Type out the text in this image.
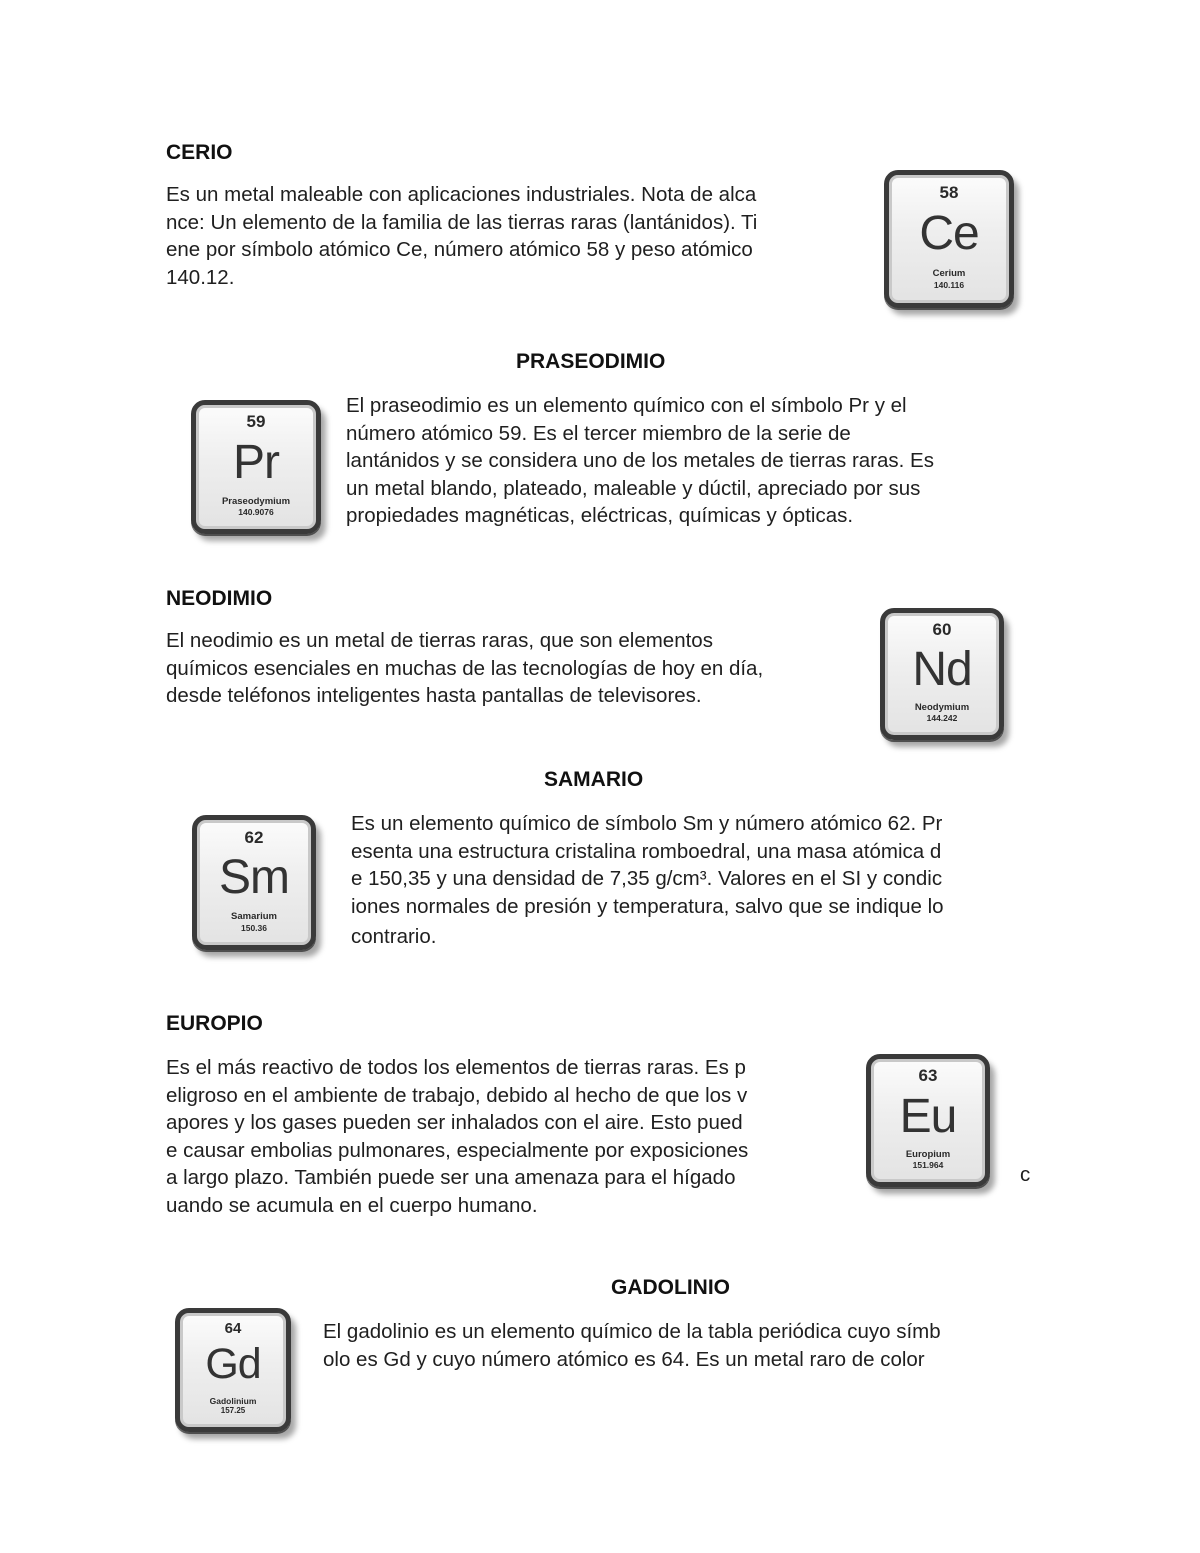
CERIO

Es un metal maleable con aplicaciones industriales. Nota de alca
nce: Un elemento de la familia de las tierras raras (lantánidos). Ti
ene por símbolo atómico Ce, número atómico 58 y peso atómico
140.12.

58
Ce
Cerium
140.116
PRASEODIMIO
59
Pr
Praseodymium
140.9076

El praseodimio es un elemento químico con el símbolo Pr y el
número atómico 59. Es el tercer miembro de la serie de
lantánidos y se considera uno de los metales de tierras raras. Es
un metal blando, plateado, maleable y dúctil, apreciado por sus
propiedades magnéticas, eléctricas, químicas y ópticas.

NEODIMIO

El neodimio es un metal de tierras raras, que son elementos
químicos esenciales en muchas de las tecnologías de hoy en día,
desde teléfonos inteligentes hasta pantallas de televisores.

60
Nd
Neodymium
144.242
SAMARIO
62
Sm
Samarium
150.36

Es un elemento químico de símbolo Sm y número atómico 62. Pr
esenta una estructura cristalina romboedral, una masa atómica d
e 150,35 y una densidad de 7,35 g/cm³. Valores en el SI y condic
iones normales de presión y temperatura, salvo que se indique lo
contrario.

EUROPIO

Es el más reactivo de todos los elementos de tierras raras. Es p
eligroso en el ambiente de trabajo, debido al hecho de que los v
apores y los gases pueden ser inhalados con el aire. Esto pued
e causar embolias pulmonares, especialmente por exposiciones
a largo plazo. También puede ser una amenaza para el hígado
uando se acumula en el cuerpo humano.

63
Eu
Europium
151.964	c
GADOLINIO
64
Gd
Gadolinium
157.25

El gadolinio es un elemento químico de la tabla periódica cuyo símb
olo es Gd y cuyo número atómico es 64. Es un metal raro de color
